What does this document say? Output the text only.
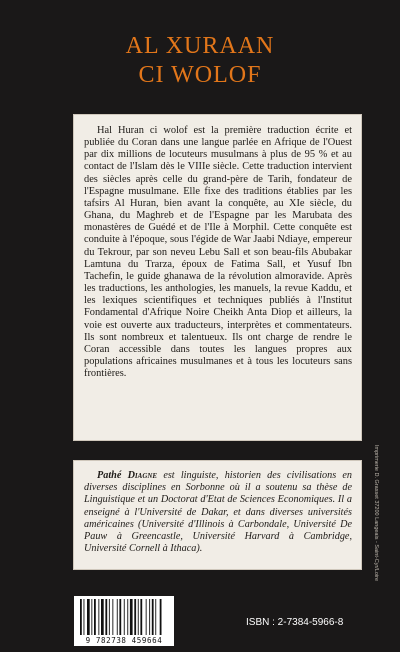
AL XURAAN
CI WOLOF

Hal Huran ci wolof est la première traduction écrite et publiée du Coran dans une langue parlée en Afrique de l'Ouest par dix millions de locuteurs musulmans à plus de 95 % et au contact de l'Islam dès le VIIIe siècle. Cette traduction intervient des siècles après celle du grand-père de Tarih, fondateur de l'Espagne musulmane. Elle fixe des traditions établies par les tafsirs Al Huran, bien avant la conquête, au XIe siècle, du Ghana, du Maghreb et de l'Espagne par les Marubata des monastères de Guédé et de l'Ile à Morphil. Cette conquête est conduite à l'époque, sous l'égide de War Jaabi Ndiaye, empereur du Tekrour, par son neveu Lebu Sall et son beau-fils Abubakar Lamtuna du Trarza, époux de Fatima Sall, et Yusuf Ibn Tachefin, le guide ghanawa de la révolution almoravide. Après les traductions, les anthologies, les manuels, la revue Kaddu, et les lexiques scientifiques et techniques publiés à l'Institut Fondamental d'Afrique Noire Cheikh Anta Diop et ailleurs, la voie est ouverte aux traducteurs, interprètes et commentateurs. Ils sont nombreux et talentueux. Ils ont charge de rendre le Coran accessible dans toutes les langues propres aux populations africaines musulmanes et à tous les locuteurs sans frontières.

Pathé Diagne est linguiste, historien des civilisations en diverses disciplines en Sorbonne où il a soutenu sa thèse de Linguistique et un Doctorat d'Etat de Sciences Economiques. Il a enseigné à l'Université de Dakar, et dans diverses universités américaines (Université d'Illinois à Carbondale, Université De Pauw à Greencastle, Université Harvard à Cambridge, Université Cornell à Ithaca).

9 782738 459664
ISBN : 2-7384-5966-8
Imprimerie D. Grasset 37200 Langeais - Saint-Cyr/Loire
